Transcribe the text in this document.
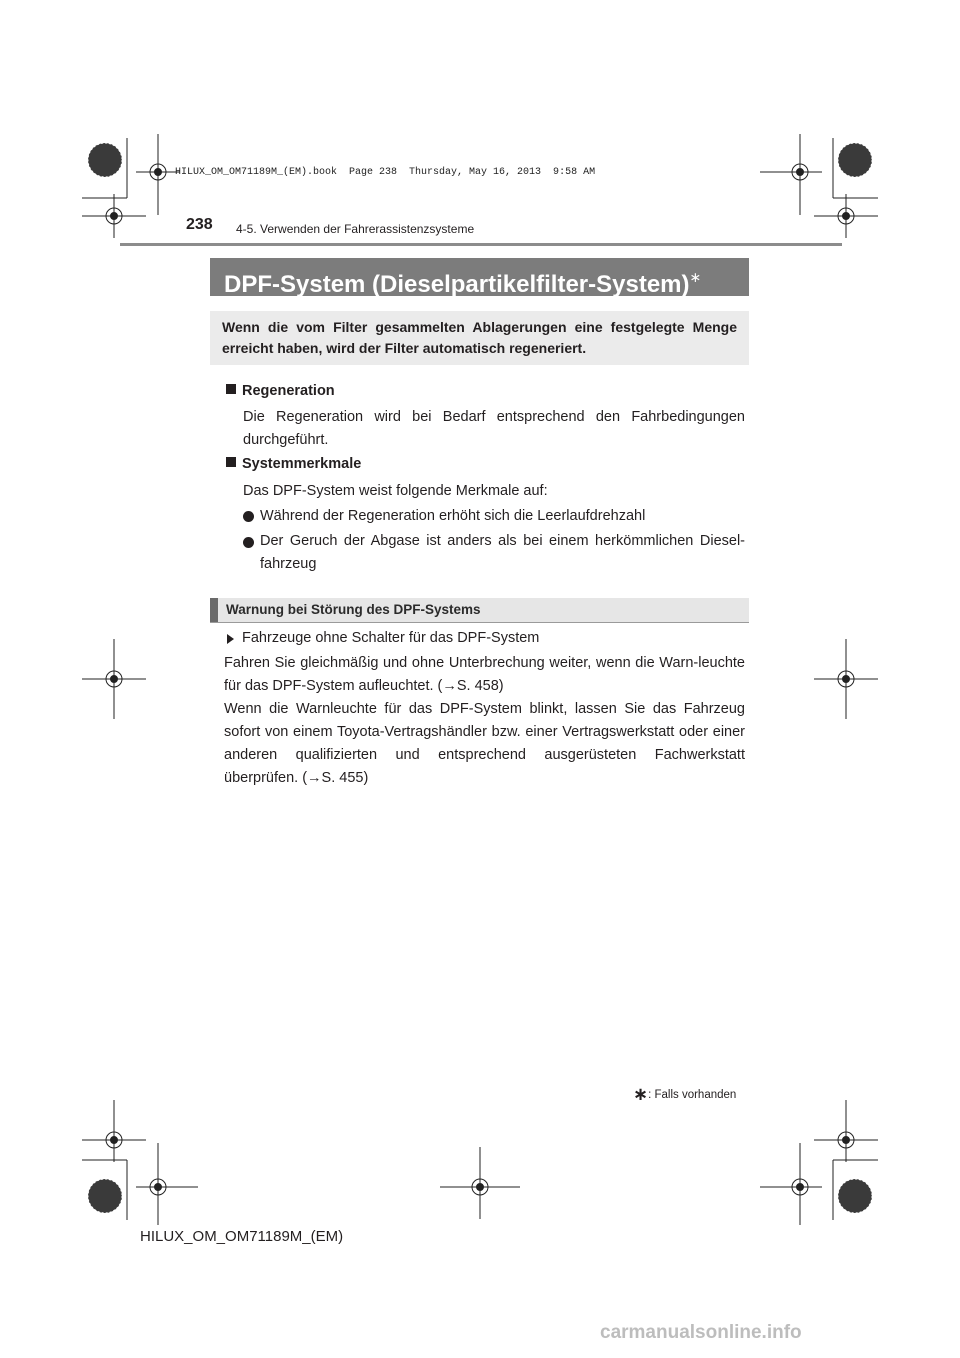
HILUX_OM_OM71189M_(EM).book  Page 238  Thursday, May 16, 2013  9:58 AM
238 4-5. Verwenden der Fahrerassistenzsysteme
DPF-System (Dieselpartikelfilter-System)∗
Wenn die vom Filter gesammelten Ablagerungen eine festgelegte Menge erreicht haben, wird der Filter automatisch regeneriert.
Regeneration
Die Regeneration wird bei Bedarf entsprechend den Fahrbedingungen durchgeführt.
Systemmerkmale
Das DPF-System weist folgende Merkmale auf:
Während der Regeneration erhöht sich die Leerlaufdrehzahl
Der Geruch der Abgase ist anders als bei einem herkömmlichen Diesel-fahrzeug
Warnung bei Störung des DPF-Systems
Fahrzeuge ohne Schalter für das DPF-System
Fahren Sie gleichmäßig und ohne Unterbrechung weiter, wenn die Warn-leuchte für das DPF-System aufleuchtet. (→S. 458)
Wenn die Warnleuchte für das DPF-System blinkt, lassen Sie das Fahrzeug sofort von einem Toyota-Vertragshändler bzw. einer Vertragswerkstatt oder einer anderen qualifizierten und entsprechend ausgerüsteten Fachwerkstatt überprüfen. (→S. 455)
∗: Falls vorhanden
HILUX_OM_OM71189M_(EM)
carmanualsonline.info
